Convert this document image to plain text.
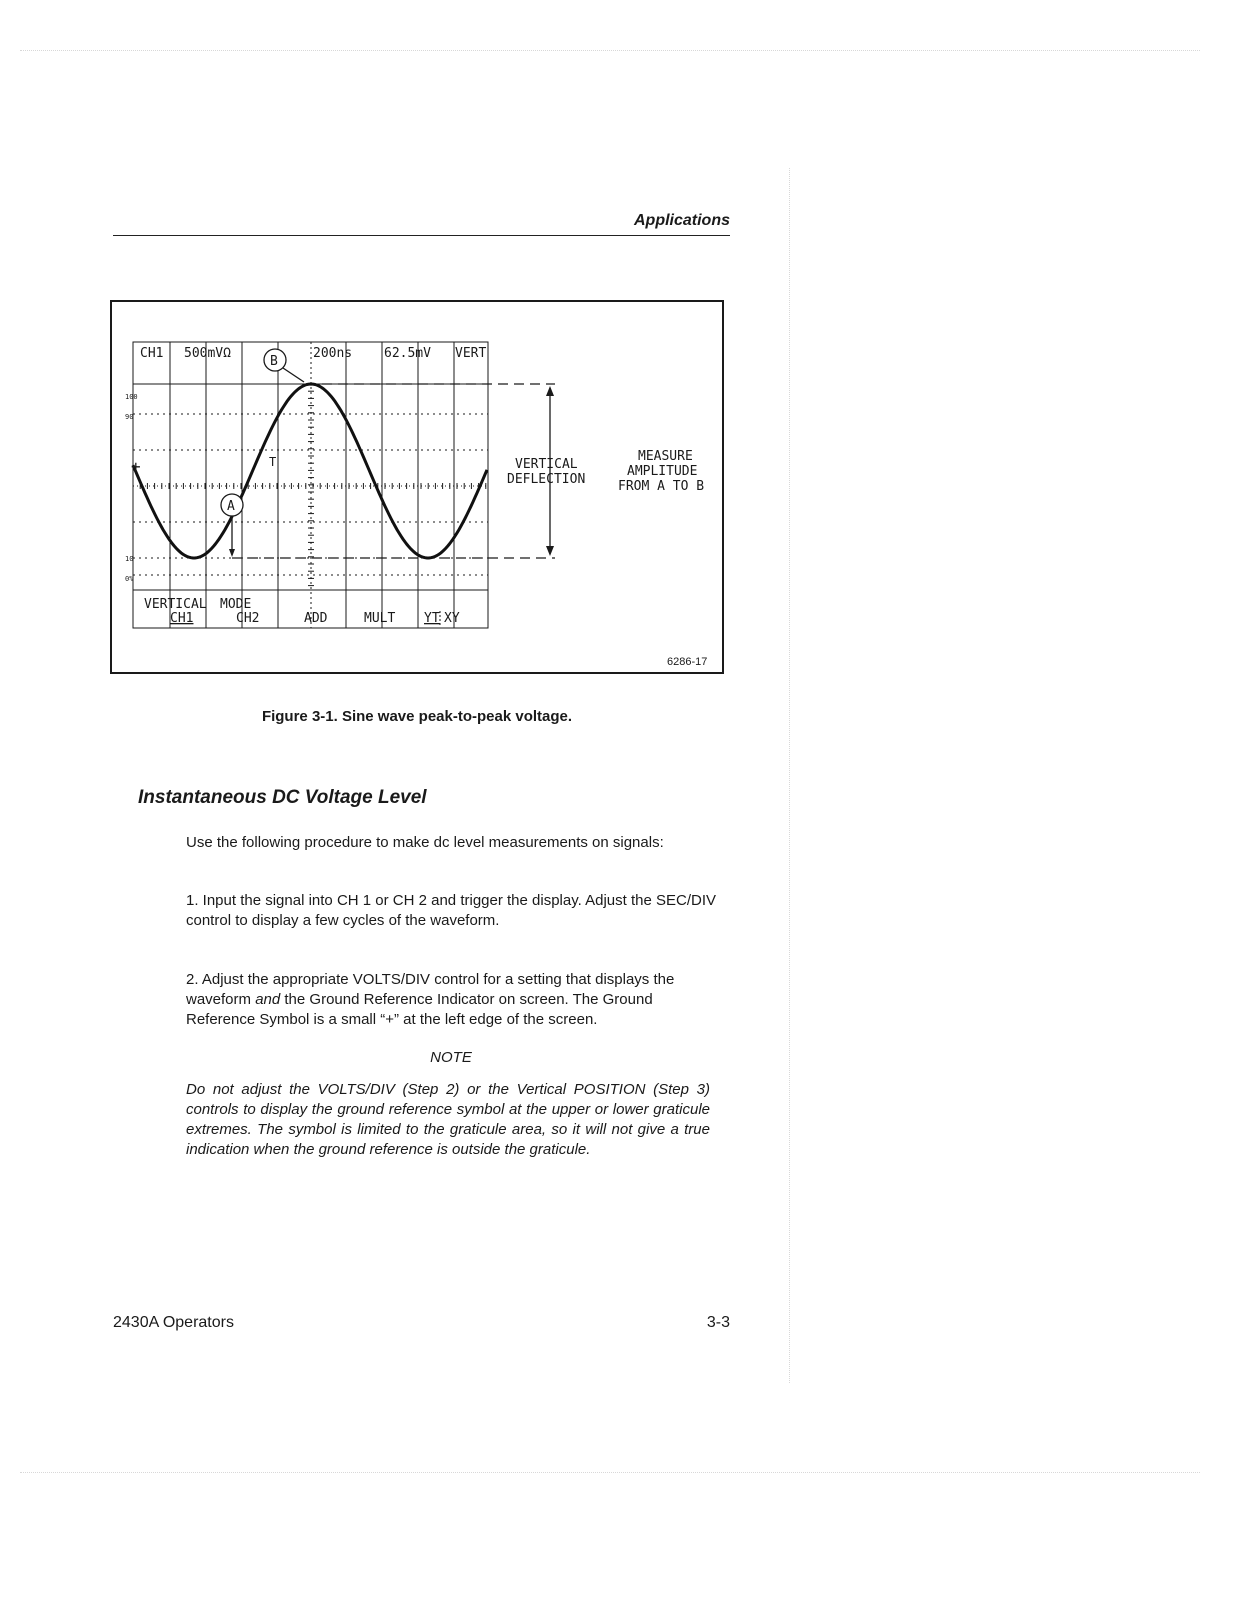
Applications
+	T
100
90
10
0%
CH1 500mVΩ	200ns 62.5mV VERT
B
A
VERTICAL MODE
CH1	CH2	ADD	MULT YT XY
VERTICAL
DEFLECTION
MEASURE
AMPLITUDE
FROM A TO B
6286-17
Figure 3-1. Sine wave peak-to-peak voltage.
Instantaneous DC Voltage Level
Use the following procedure to make dc level measurements on signals:
1. Input the signal into CH 1 or CH 2 and trigger the display. Adjust the SEC/DIV control to display a few cycles of the waveform.
2. Adjust the appropriate VOLTS/DIV control for a setting that displays the waveform and the Ground Reference Indicator on screen. The Ground Reference Symbol is a small “+” at the left edge of the screen.
NOTE
Do not adjust the VOLTS/DIV (Step 2) or the Vertical POSITION (Step 3) controls to display the ground reference symbol at the upper or lower graticule extremes. The symbol is limited to the graticule area, so it will not give a true indication when the ground reference is outside the graticule.
2430A Operators	3-3
